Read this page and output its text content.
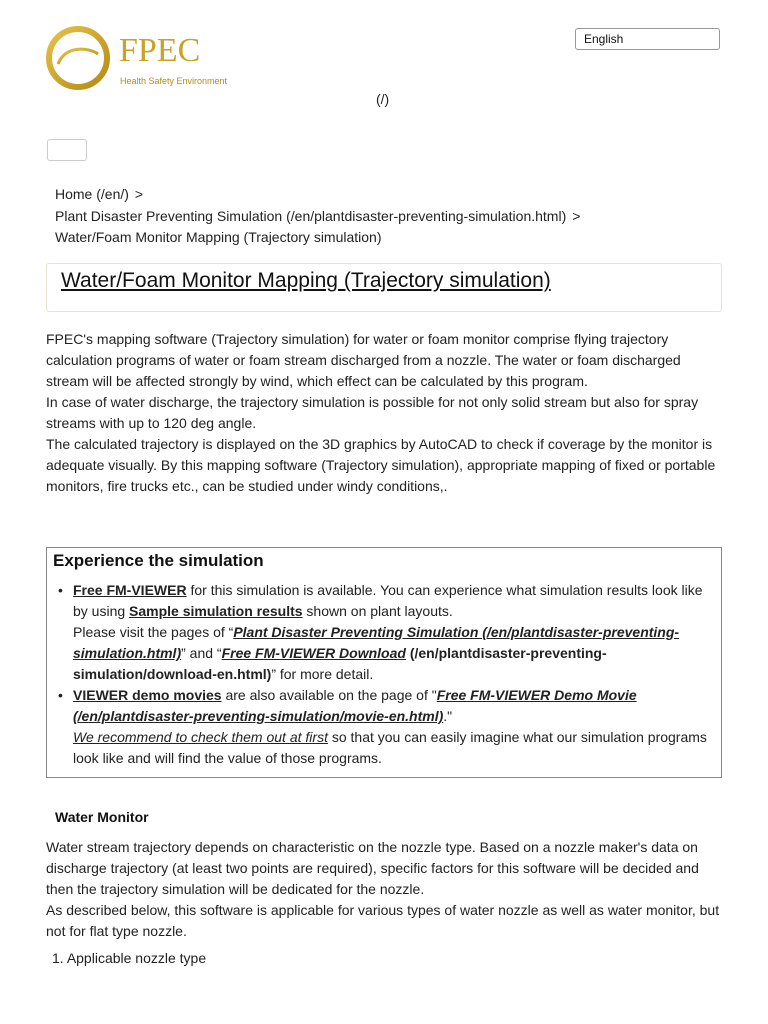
FPEC
Health Safety Environment
English
(/)
Home (/en/) >
Plant Disaster Preventing Simulation (/en/plantdisaster-preventing-simulation.html) >
Water/Foam Monitor Mapping (Trajectory simulation)
Water/Foam Monitor Mapping (Trajectory simulation)

FPEC's mapping software (Trajectory simulation) for water or foam monitor comprise flying trajectory calculation programs of water or foam stream discharged from a nozzle. The water or foam discharged stream will be affected strongly by wind, which effect can be calculated by this program.

In case of water discharge, the trajectory simulation is possible for not only solid stream but also for spray streams with up to 120 deg angle.

The calculated trajectory is displayed on the 3D graphics by AutoCAD to check if coverage by the monitor is adequate visually. By this mapping software (Trajectory simulation), appropriate mapping of fixed or portable monitors, fire trucks etc., can be studied under windy conditions,.

Experience the simulation
• Free FM-VIEWER for this simulation is available. You can experience what simulation results look like by using Sample simulation results shown on plant layouts.
Please visit the pages of “Plant Disaster Preventing Simulation (/en/plantdisaster-preventing-simulation.html)” and “Free FM-VIEWER Download (/en/plantdisaster-preventing-simulation/download-en.html)” for more detail.
• VIEWER demo movies are also available on the page of "Free FM-VIEWER Demo Movie (/en/plantdisaster-preventing-simulation/movie-en.html)."
We recommend to check them out at first so that you can easily imagine what our simulation programs look like and will find the value of those programs.
Water Monitor

Water stream trajectory depends on characteristic on the nozzle type. Based on a nozzle maker's data on discharge trajectory (at least two points are required), specific factors for this software will be decided and then the trajectory simulation will be dedicated for the nozzle.

As described below, this software is applicable for various types of water nozzle as well as water monitor, but not for flat type nozzle.

1. Applicable nozzle type
